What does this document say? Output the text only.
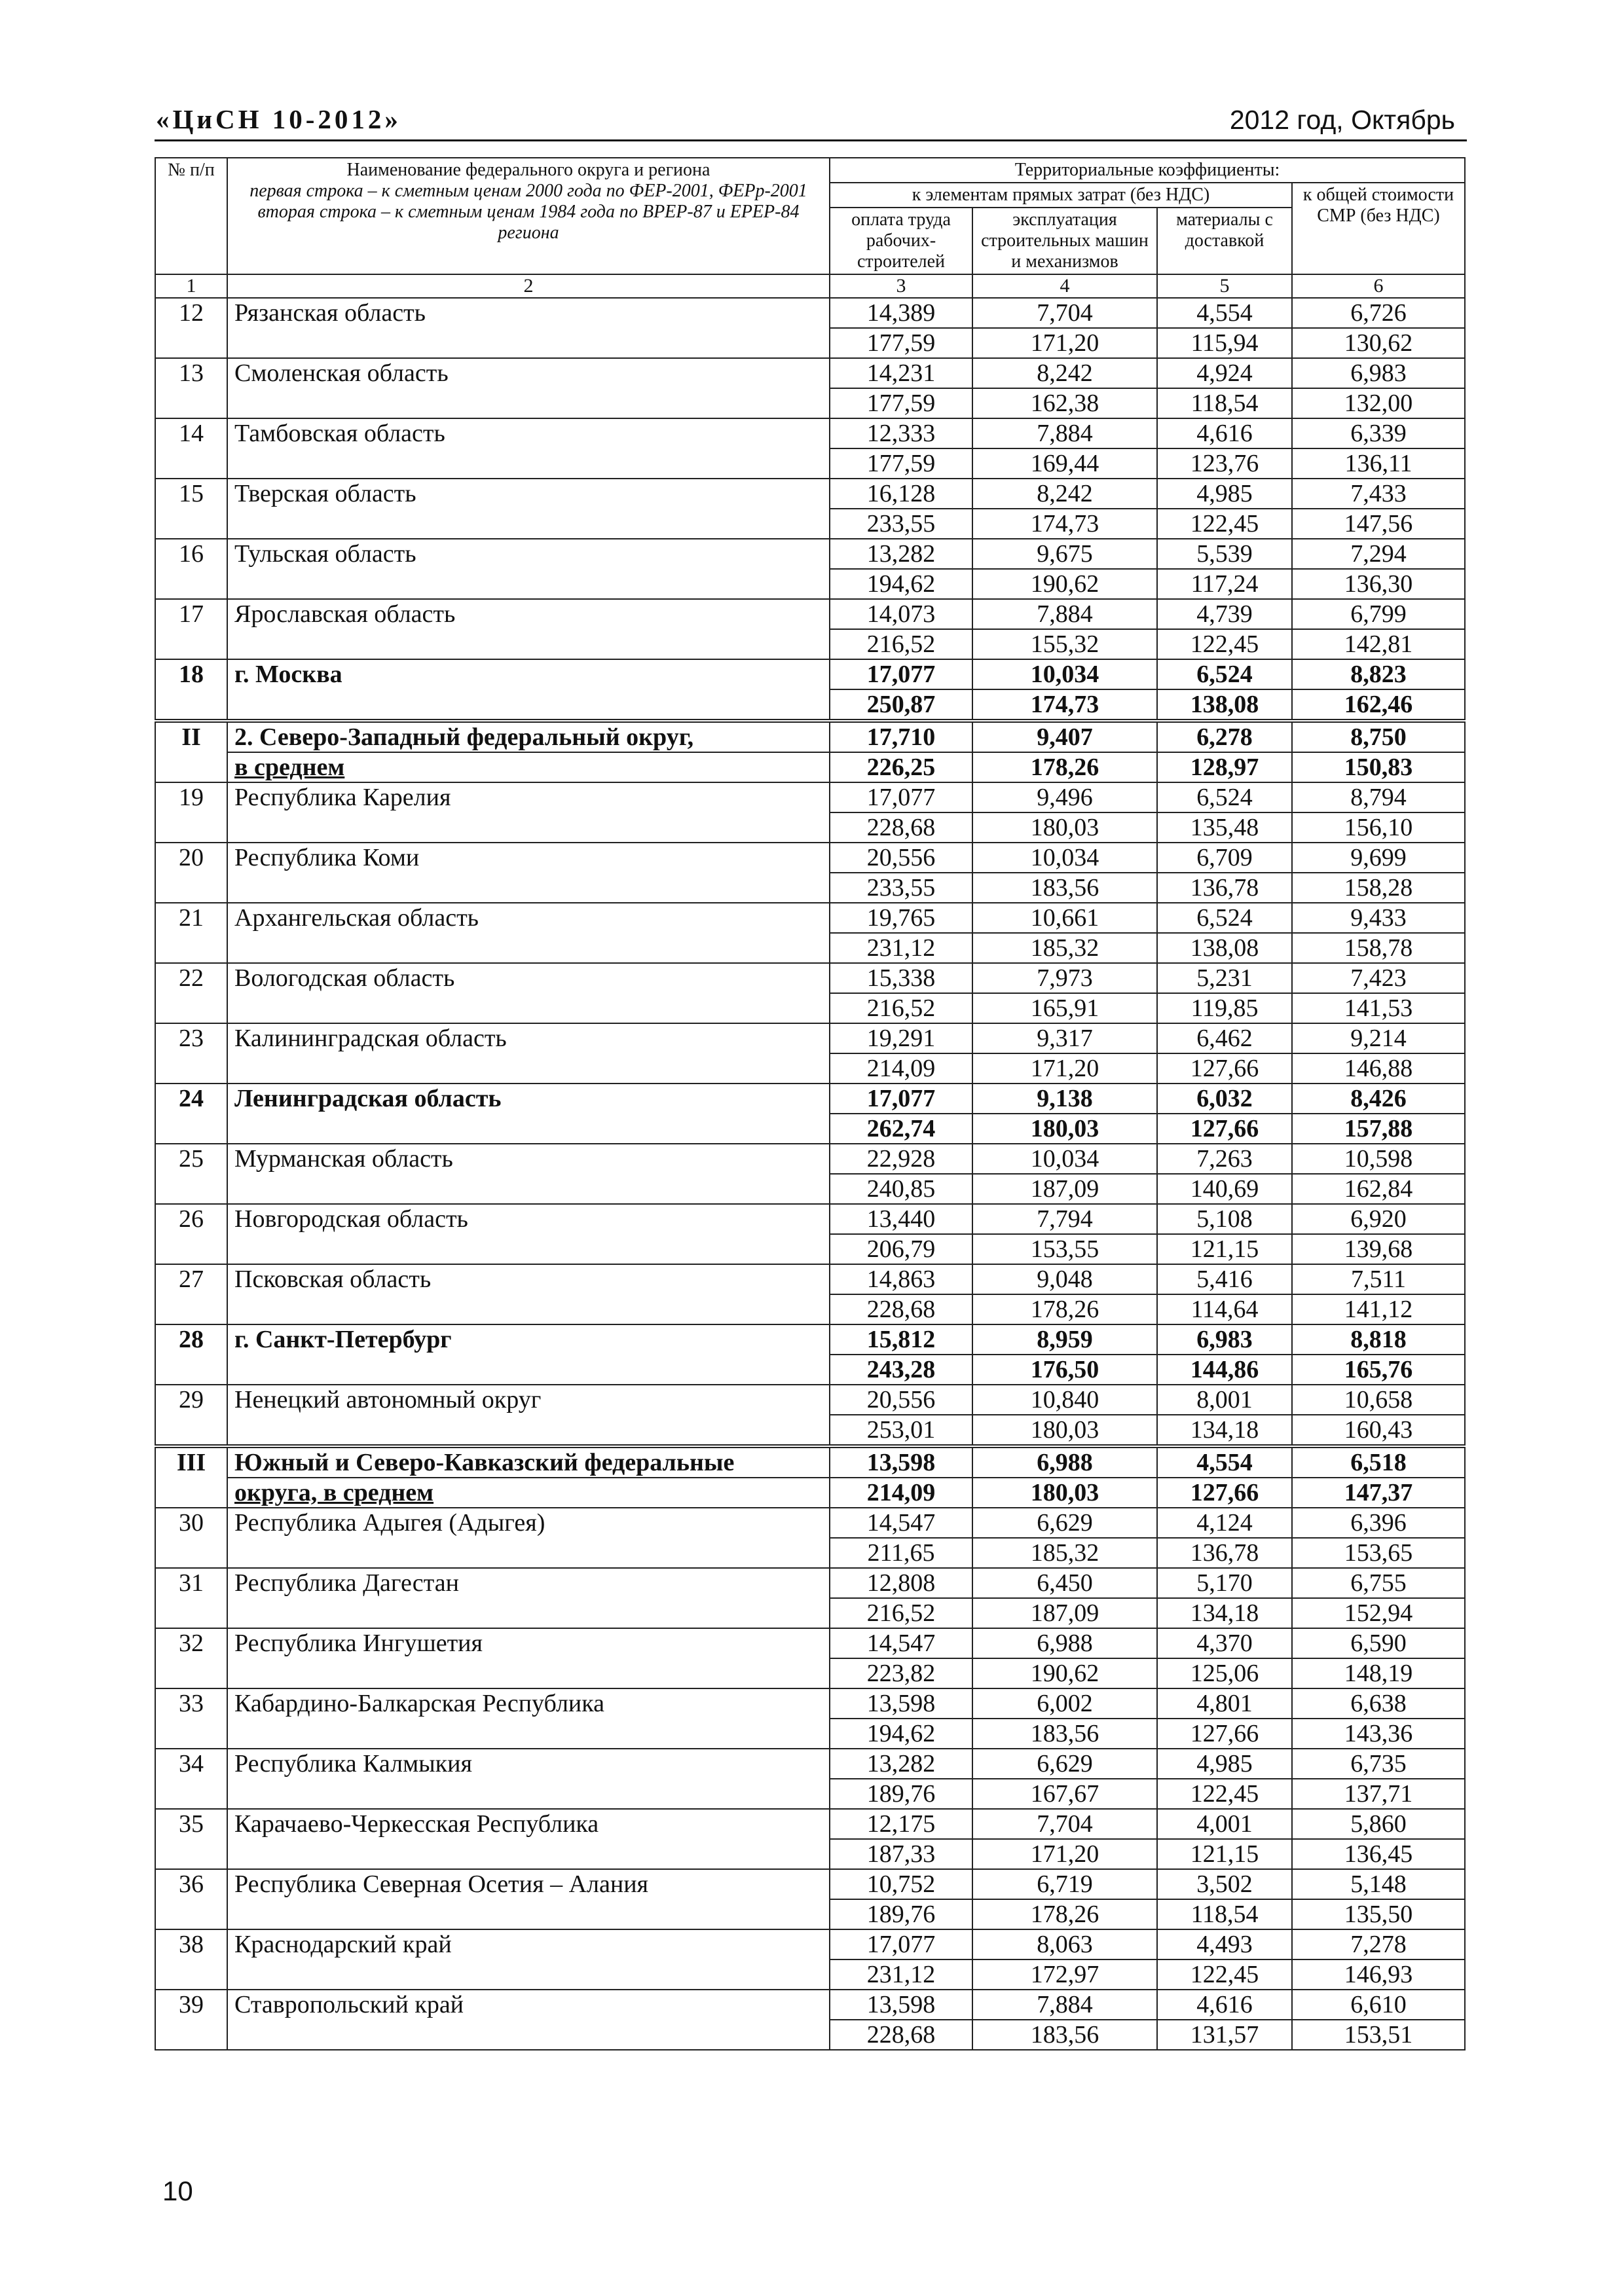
«ЦиСН 10-2012»	2012 год, Октябрь
№ п/п	Наименование федерального округа и региона
первая строка – к сметным ценам 2000 года по ФЕР-2001, ФЕРр-2001
вторая строка – к сметным ценам 1984 года по ВРЕР-87 и ЕРЕР-84 региона	Территориальные коэффициенты:			
		к элементам прямых затрат (без НДС)			к общей стоимости СМР (без НДС)
		оплата труда рабочих-строителей	эксплуатация строительных машин и механизмов	материалы с доставкой	
1	2	3	4	5	6
12	Рязанская область	14,389	7,704	4,554	6,726
		177,59	171,20	115,94	130,62
13	Смоленская область	14,231	8,242	4,924	6,983
		177,59	162,38	118,54	132,00
14	Тамбовская область	12,333	7,884	4,616	6,339
		177,59	169,44	123,76	136,11
15	Тверская область	16,128	8,242	4,985	7,433
		233,55	174,73	122,45	147,56
16	Тульская область	13,282	9,675	5,539	7,294
		194,62	190,62	117,24	136,30
17	Ярославская область	14,073	7,884	4,739	6,799
		216,52	155,32	122,45	142,81
18	г. Москва	17,077	10,034	6,524	8,823
		250,87	174,73	138,08	162,46
II	2. Северо-Западный федеральный округ,	17,710	9,407	6,278	8,750
	в среднем	226,25	178,26	128,97	150,83
19	Республика Карелия	17,077	9,496	6,524	8,794
		228,68	180,03	135,48	156,10
20	Республика Коми	20,556	10,034	6,709	9,699
		233,55	183,56	136,78	158,28
21	Архангельская область	19,765	10,661	6,524	9,433
		231,12	185,32	138,08	158,78
22	Вологодская область	15,338	7,973	5,231	7,423
		216,52	165,91	119,85	141,53
23	Калининградская область	19,291	9,317	6,462	9,214
		214,09	171,20	127,66	146,88
24	Ленинградская область	17,077	9,138	6,032	8,426
		262,74	180,03	127,66	157,88
25	Мурманская область	22,928	10,034	7,263	10,598
		240,85	187,09	140,69	162,84
26	Новгородская область	13,440	7,794	5,108	6,920
		206,79	153,55	121,15	139,68
27	Псковская область	14,863	9,048	5,416	7,511
		228,68	178,26	114,64	141,12
28	г. Санкт-Петербург	15,812	8,959	6,983	8,818
		243,28	176,50	144,86	165,76
29	Ненецкий автономный округ	20,556	10,840	8,001	10,658
		253,01	180,03	134,18	160,43
III	Южный и Северо-Кавказский федеральные	13,598	6,988	4,554	6,518
	округа, в среднем	214,09	180,03	127,66	147,37
30	Республика Адыгея (Адыгея)	14,547	6,629	4,124	6,396
		211,65	185,32	136,78	153,65
31	Республика Дагестан	12,808	6,450	5,170	6,755
		216,52	187,09	134,18	152,94
32	Республика Ингушетия	14,547	6,988	4,370	6,590
		223,82	190,62	125,06	148,19
33	Кабардино-Балкарская Республика	13,598	6,002	4,801	6,638
		194,62	183,56	127,66	143,36
34	Республика Калмыкия	13,282	6,629	4,985	6,735
		189,76	167,67	122,45	137,71
35	Карачаево-Черкесская Республика	12,175	7,704	4,001	5,860
		187,33	171,20	121,15	136,45
36	Республика Северная Осетия – Алания	10,752	6,719	3,502	5,148
		189,76	178,26	118,54	135,50
38	Краснодарский край	17,077	8,063	4,493	7,278
		231,12	172,97	122,45	146,93
39	Ставропольский край	13,598	7,884	4,616	6,610
		228,68	183,56	131,57	153,51
10
